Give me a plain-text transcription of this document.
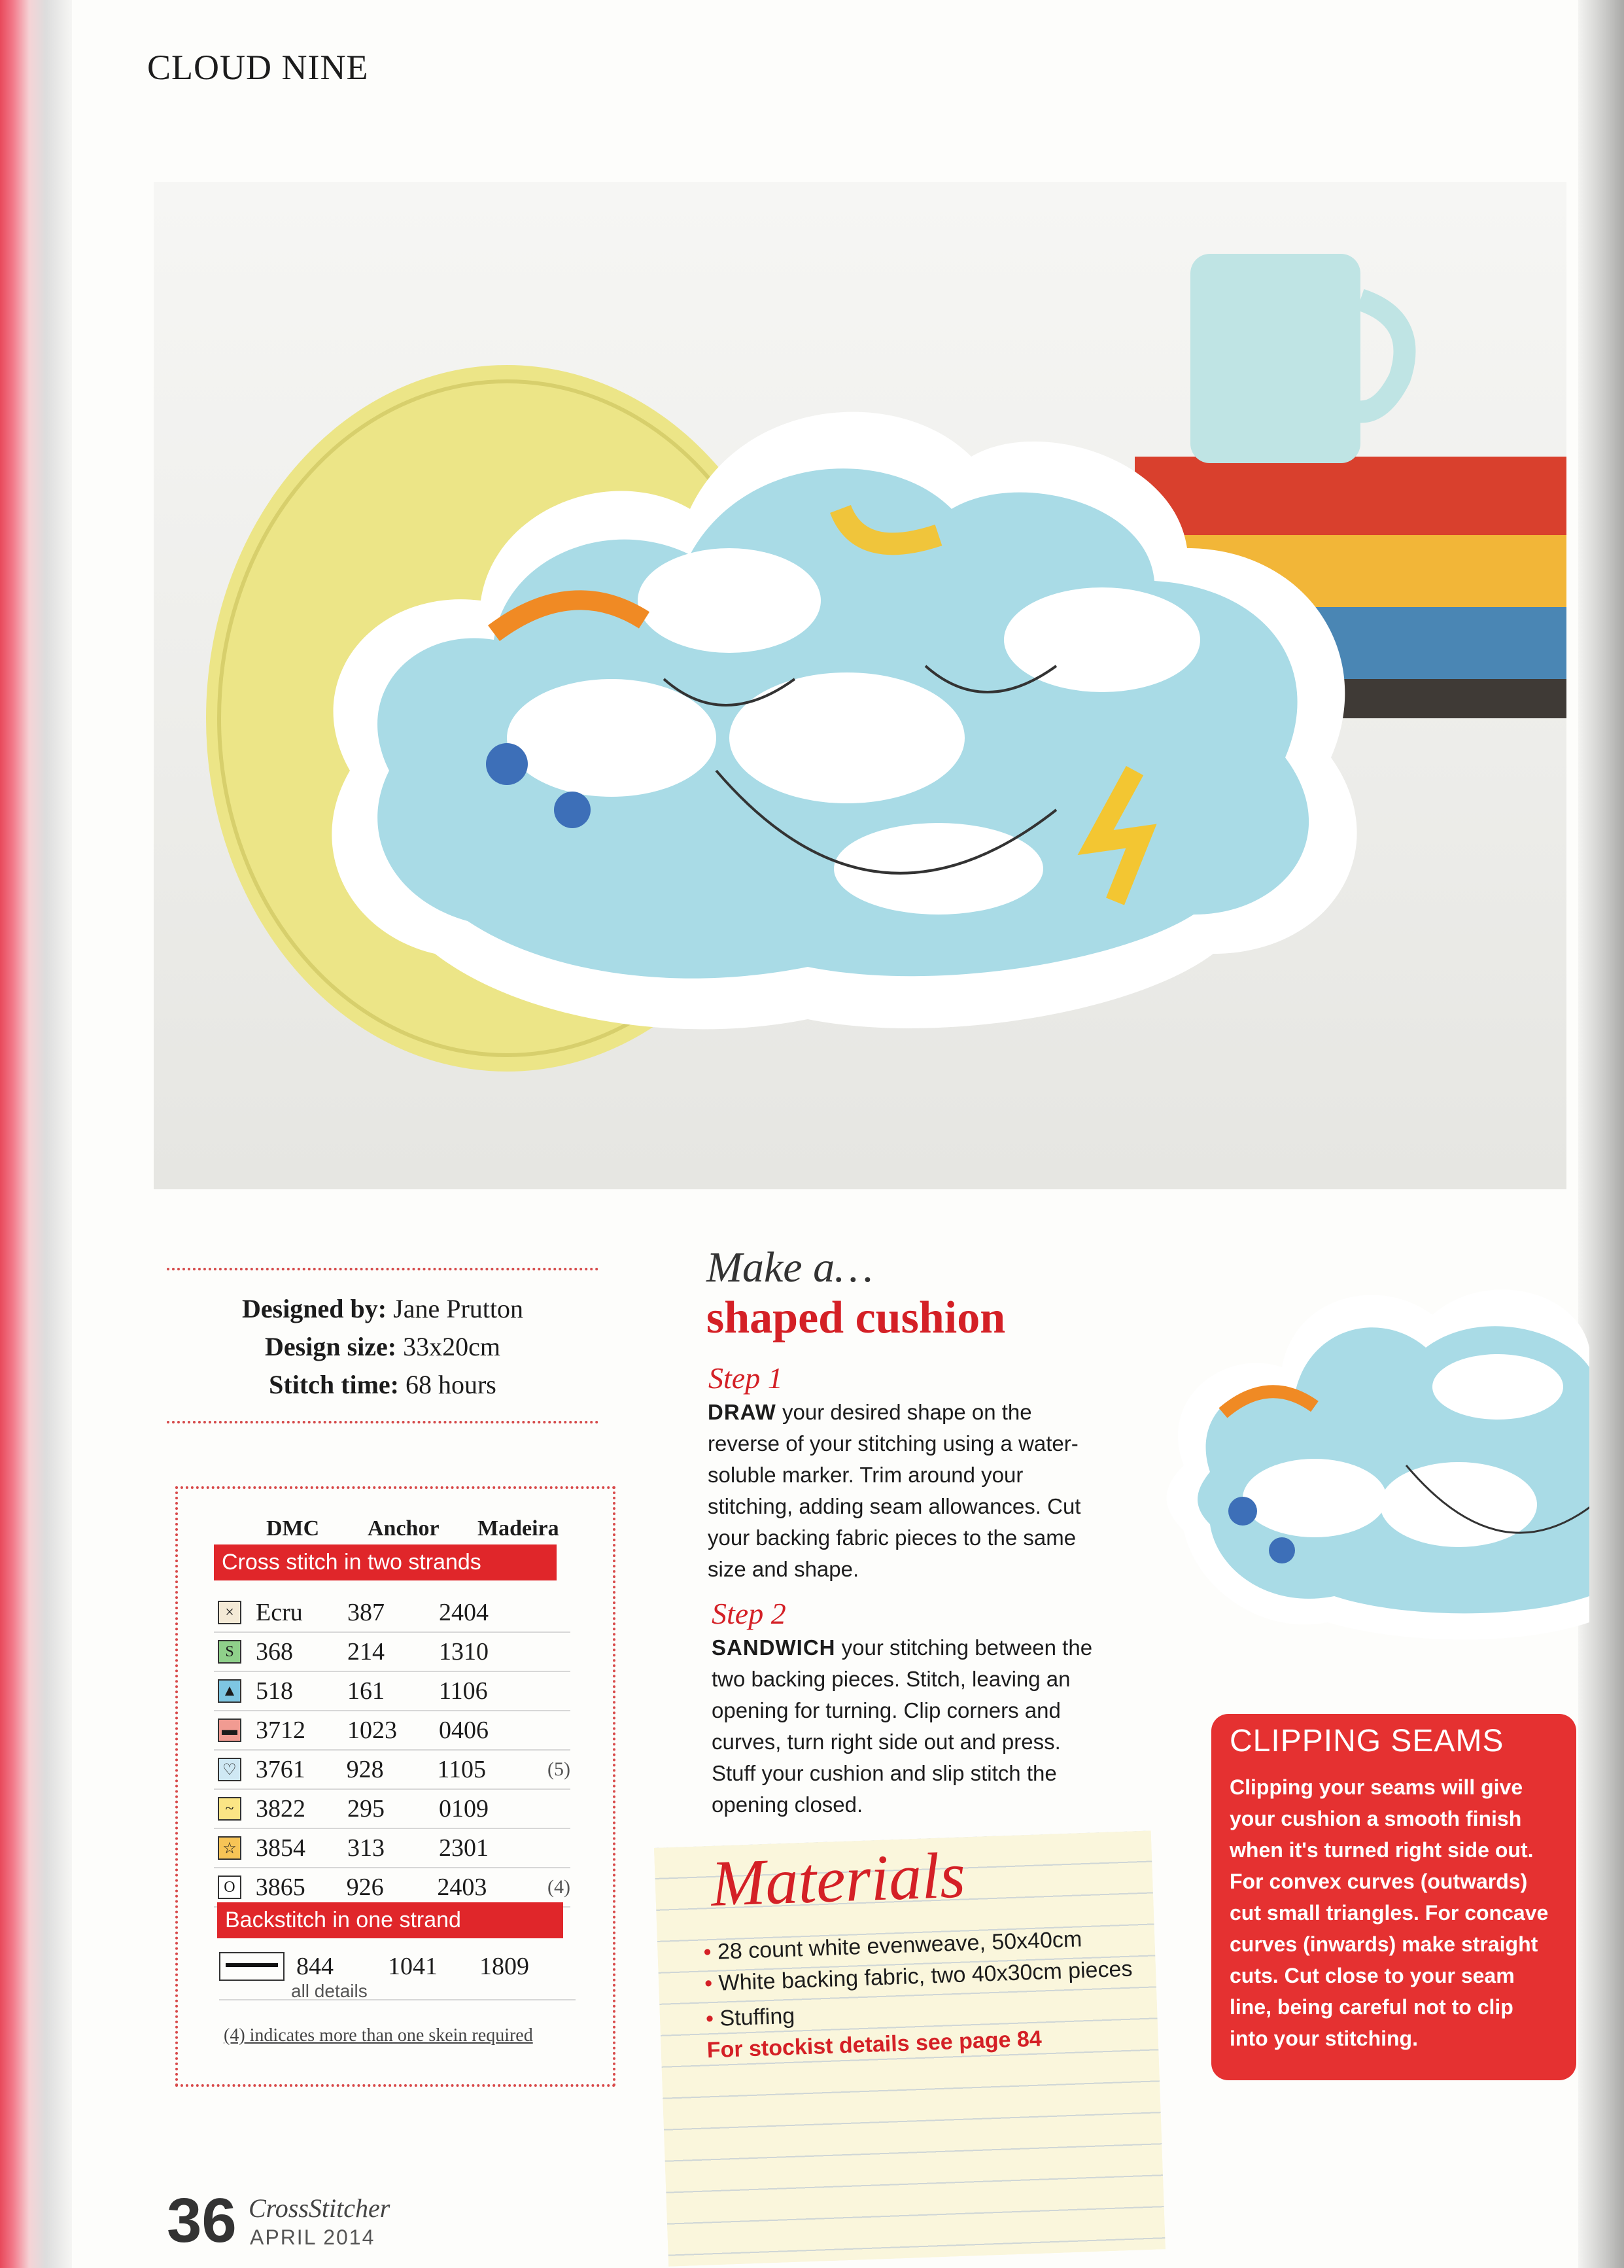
CLOUD NINE
Designed by: Jane Prutton
Design size: 33x20cm
Stitch time: 68 hours
DMC Anchor Madeira
Cross stitch in two strands
× Ecru	387	2404
S 368	214	1310
▲ 518	161	1106
▬ 3712	1023	0406
♡ 3761	928	1105	(5)
~ 3822	295	0109
☆ 3854	313	2301
O 3865	926	2403	(4)
Backstitch in one strand
844 1041 1809
all details
(4) indicates more than one skein required
Make a…
shaped cushion
Step 1
DRAW your desired shape on the reverse of your stitching using a water-soluble marker. Trim around your stitching, adding seam allowances. Cut your backing fabric pieces to the same size and shape.
Step 2
SANDWICH your stitching between the two backing pieces. Stitch, leaving an opening for turning. Clip corners and curves, turn right side out and press. Stuff your cushion and slip stitch the opening closed.
Materials
• 28 count white evenweave, 50x40cm
• White backing fabric, two 40x30cm pieces
• Stuffing
For stockist details see page 84
CLIPPING SEAMS
Clipping your seams will give your cushion a smooth finish when it's turned right side out. For convex curves (outwards) cut small triangles. For concave curves (inwards) make straight cuts. Cut close to your seam line, being careful not to clip into your stitching.
36 CrossStitcher
APRIL 2014
